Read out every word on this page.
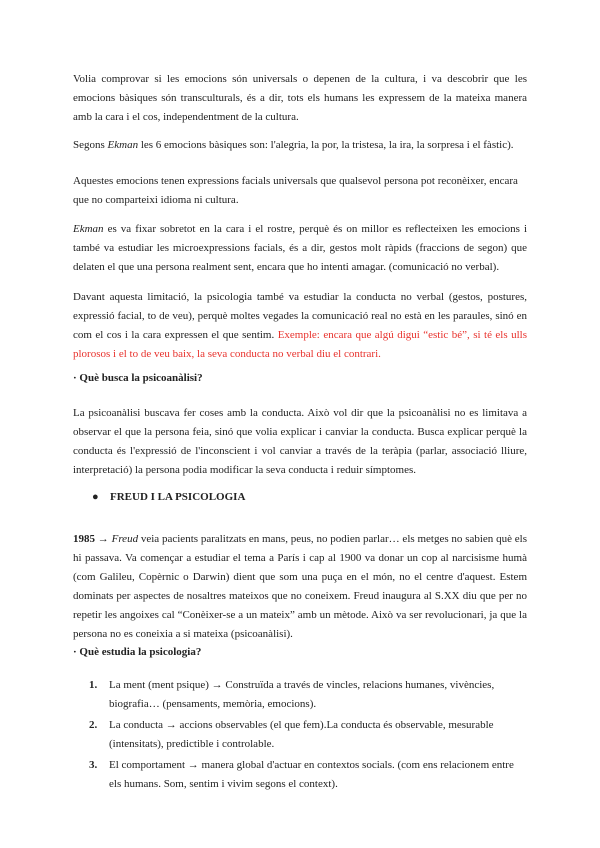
Volia comprovar si les emocions són universals o depenen de la cultura, i va descobrir que les emocions bàsiques són transculturals, és a dir, tots els humans les expressem de la mateixa manera amb la cara i el cos, independentment de la cultura.

Segons Ekman les 6 emocions bàsiques son: l'alegria, la por, la tristesa, la ira, la sorpresa i el fàstic).

Aquestes emocions tenen expressions facials universals que qualsevol persona pot reconèixer, encara que no comparteixi idioma ni cultura.

Ekman es va fixar sobretot en la cara i el rostre, perquè és on millor es reflecteixen les emocions i també va estudiar les microexpressions facials, és a dir, gestos molt ràpids (fraccions de segon) que delaten el que una persona realment sent, encara que ho intenti amagar. (comunicació no verbal).

Davant aquesta limitació, la psicologia també va estudiar la conducta no verbal (gestos, postures, expressió facial, to de veu), perquè moltes vegades la comunicació real no està en les paraules, sinó en com el cos i la cara expressen el que sentim. Exemple: encara que algú digui “estic bé”, si té els ulls plorosos i el to de veu baix, la seva conducta no verbal diu el contrari.

· Què busca la psicoanàlisi?

La psicoanàlisi buscava fer coses amb la conducta. Això vol dir que la psicoanàlisi no es limitava a observar el que la persona feia, sinó que volia explicar i canviar la conducta. Busca explicar perquè la conducta és l'expressió de l'inconscient i vol canviar a través de la teràpia (parlar, associació lliure, interpretació) la persona podia modificar la seva conducta i reduir símptomes.

● FREUD I LA PSICOLOGIA

1985 → Freud veia pacients paralitzats en mans, peus, no podien parlar… els metges no sabien què els hi passava. Va començar a estudiar el tema a París i cap al 1900 va donar un cop al narcisisme humà (com Galileu, Copèrnic o Darwin) dient que som una puça en el món, no el centre d'aquest. Estem dominats per aspectes de nosaltres mateixos que no coneixem. Freud inaugura al S.XX diu que per no repetir les angoixes cal “Conèixer-se a un mateix” amb un mètode. Això va ser revolucionari, ja que la persona no es coneixia a si mateixa (psicoanàlisi).

· Què estudia la psicologia?

1. La ment (ment psique) → Construïda a través de vincles, relacions humanes, vivències, biografia… (pensaments, memòria, emocions).
2. La conducta → accions observables (el que fem).La conducta és observable, mesurable (intensitats), predictible i controlable.
3. El comportament → manera global d'actuar en contextos socials. (com ens relacionem entre els humans. Som, sentim i vivim segons el context).
